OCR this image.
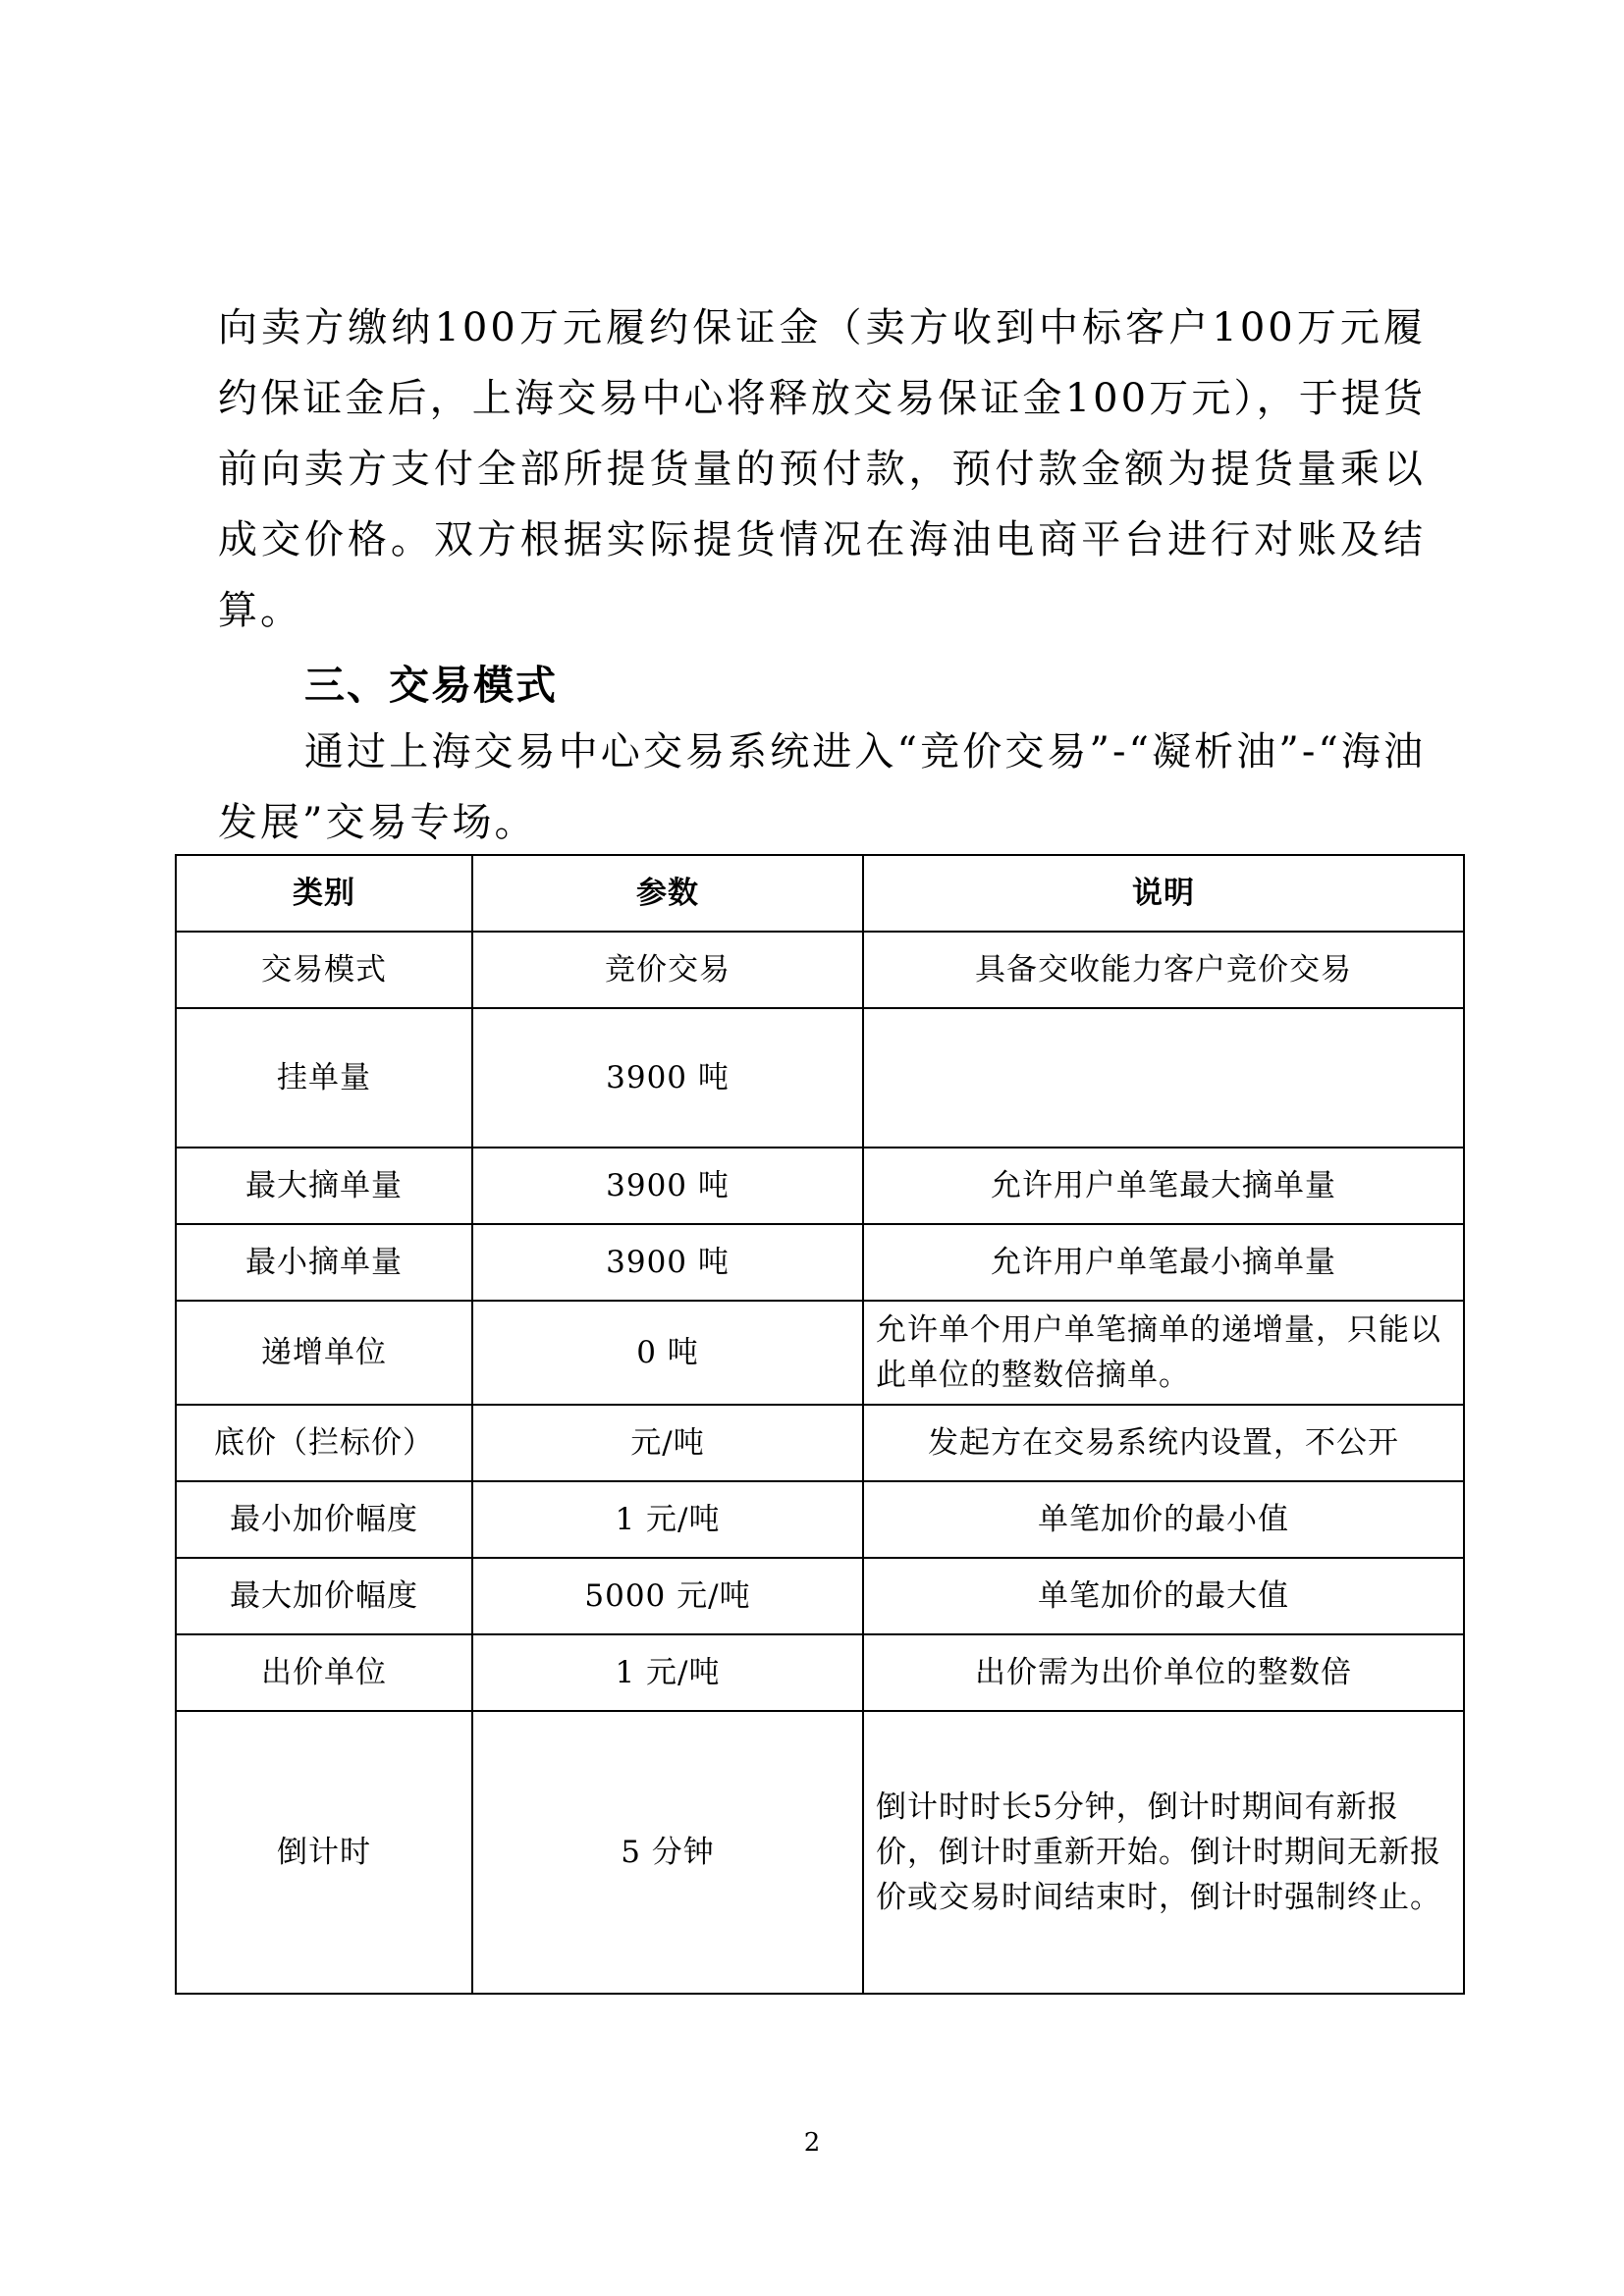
向卖方缴纳100万元履约保证金（卖方收到中标客户100万元履约保证金后，上海交易中心将释放交易保证金100万元），于提货前向卖方支付全部所提货量的预付款，预付款金额为提货量乘以成交价格。双方根据实际提货情况在海油电商平台进行对账及结算。

三、交易模式

通过上海交易中心交易系统进入“竞价交易”-“凝析油”-“海油发展”交易专场。

类别	参数	说明
交易模式	竞价交易	具备交收能力客户竞价交易
挂单量	3900 吨	
最大摘单量	3900 吨	允许用户单笔最大摘单量
最小摘单量	3900 吨	允许用户单笔最小摘单量
递增单位	0 吨	允许单个用户单笔摘单的递增量，只能以此单位的整数倍摘单。
底价（拦标价）	元/吨	发起方在交易系统内设置，不公开
最小加价幅度	1 元/吨	单笔加价的最小值
最大加价幅度	5000 元/吨	单笔加价的最大值
出价单位	1 元/吨	出价需为出价单位的整数倍
倒计时	5 分钟	倒计时时长5分钟，倒计时期间有新报价，倒计时重新开始。倒计时期间无新报价或交易时间结束时，倒计时强制终止。
2
